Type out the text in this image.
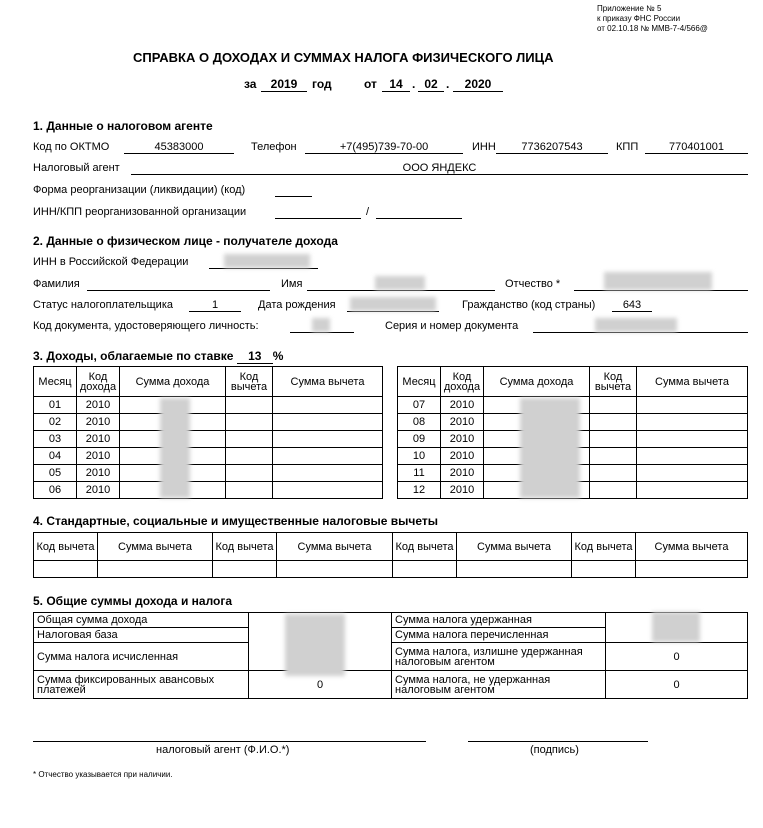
Приложение № 5
к приказу ФНС России
от 02.10.18 № ММВ-7-4/566@
СПРАВКА О ДОХОДАХ И СУММАХ НАЛОГА ФИЗИЧЕСКОГО ЛИЦА
за	2019	год	от	14 . 02 .	2020
1. Данные о налоговом агенте
Код по ОКТМО	45383000	Телефон	+7(495)739-70-00	ИНН	7736207543	КПП	770401001
Налоговый агент	ООО ЯНДЕКС
Форма реорганизации (ликвидации) (код)
ИНН/КПП реорганизованной организации	/
2. Данные о физическом лице - получателе дохода
ИНН в Российской Федерации
Фамилия	Имя	Отчество *
Статус налогоплательщика	1	Дата рождения	Гражданство (код страны)	643
Код документа, удостоверяющего личность:	Серия и номер документа
3. Доходы, облагаемые по ставке 13 %
Месяц	Код дохода	Сумма дохода	Код вычета	Сумма вычета
01	2010			
02	2010			
03	2010			
04	2010			
05	2010			
06	2010			
Месяц	Код дохода	Сумма дохода	Код вычета	Сумма вычета
07	2010			
08	2010			
09	2010			
10	2010			
11	2010			
12	2010			
4. Стандартные, социальные и имущественные налоговые вычеты
Код вычета	Сумма вычета	Код вычета	Сумма вычета	Код вычета	Сумма вычета	Код вычета	Сумма вычета

5. Общие суммы дохода и налога
Общая сумма дохода		Сумма налога удержанная	
Налоговая база		Сумма налога перечисленная	
Сумма налога исчисленная		Сумма налога, излишне удержанная налоговым агентом	0
Сумма фиксированных авансовых платежей	0	Сумма налога, не удержанная налоговым агентом	0
налоговый агент (Ф.И.О.*)	(подпись)
* Отчество указывается при наличии.
